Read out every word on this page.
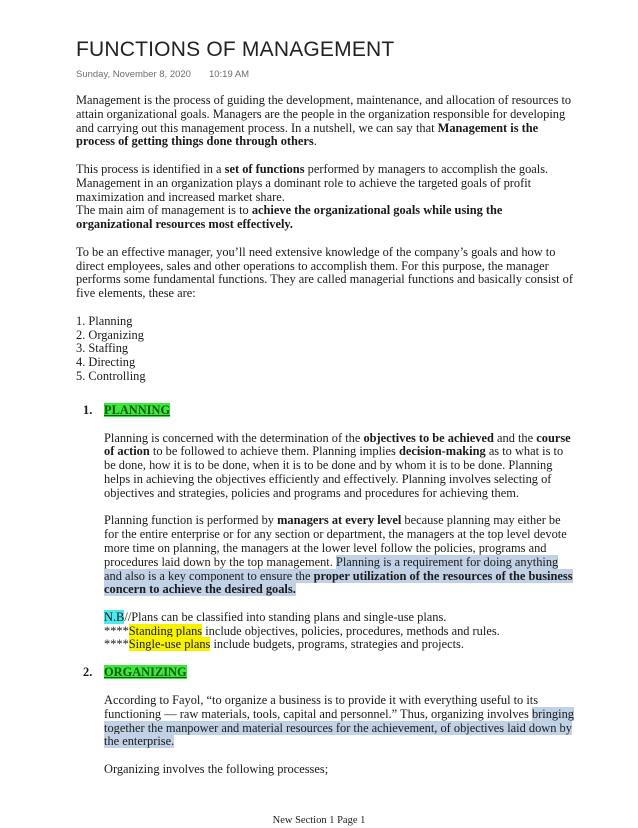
FUNCTIONS OF MANAGEMENT
Sunday, November 8, 2020 10:19 AM

Management is the process of guiding the development, maintenance, and allocation of resources to attain organizational goals. Managers are the people in the organization responsible for developing and carrying out this management process. In a nutshell, we can say that Management is the process of getting things done through others.

This process is identified in a set of functions performed by managers to accomplish the goals. Management in an organization plays a dominant role to achieve the targeted goals of profit maximization and increased market share.

The main aim of management is to achieve the organizational goals while using the organizational resources most effectively.

To be an effective manager, you’ll need extensive knowledge of the company’s goals and how to direct employees, sales and other operations to accomplish them. For this purpose, the manager performs some fundamental functions. They are called managerial functions and basically consist of five elements, these are:

1. Planning
2. Organizing
3. Staffing
4. Directing
5. Controlling
1. PLANNING

Planning is concerned with the determination of the objectives to be achieved and the course of action to be followed to achieve them. Planning implies decision-making as to what is to be done, how it is to be done, when it is to be done and by whom it is to be done. Planning helps in achieving the objectives efficiently and effectively. Planning involves selecting of objectives and strategies, policies and programs and procedures for achieving them.

Planning function is performed by managers at every level because planning may either be for the entire enterprise or for any section or department, the managers at the top level devote more time on planning, the managers at the lower level follow the policies, programs and procedures laid down by the top management. Planning is a requirement for doing anything and also is a key component to ensure the proper utilization of the resources of the business concern to achieve the desired goals.

N.B//Plans can be classified into standing plans and single-use plans.

****Standing plans include objectives, policies, procedures, methods and rules.

****Single-use plans include budgets, programs, strategies and projects.

2. ORGANIZING

According to Fayol, “to organize a business is to provide it with everything useful to its functioning — raw materials, tools, capital and personnel.” Thus, organizing involves bringing together the manpower and material resources for the achievement, of objectives laid down by the enterprise.

Organizing involves the following processes;

New Section 1 Page 1
